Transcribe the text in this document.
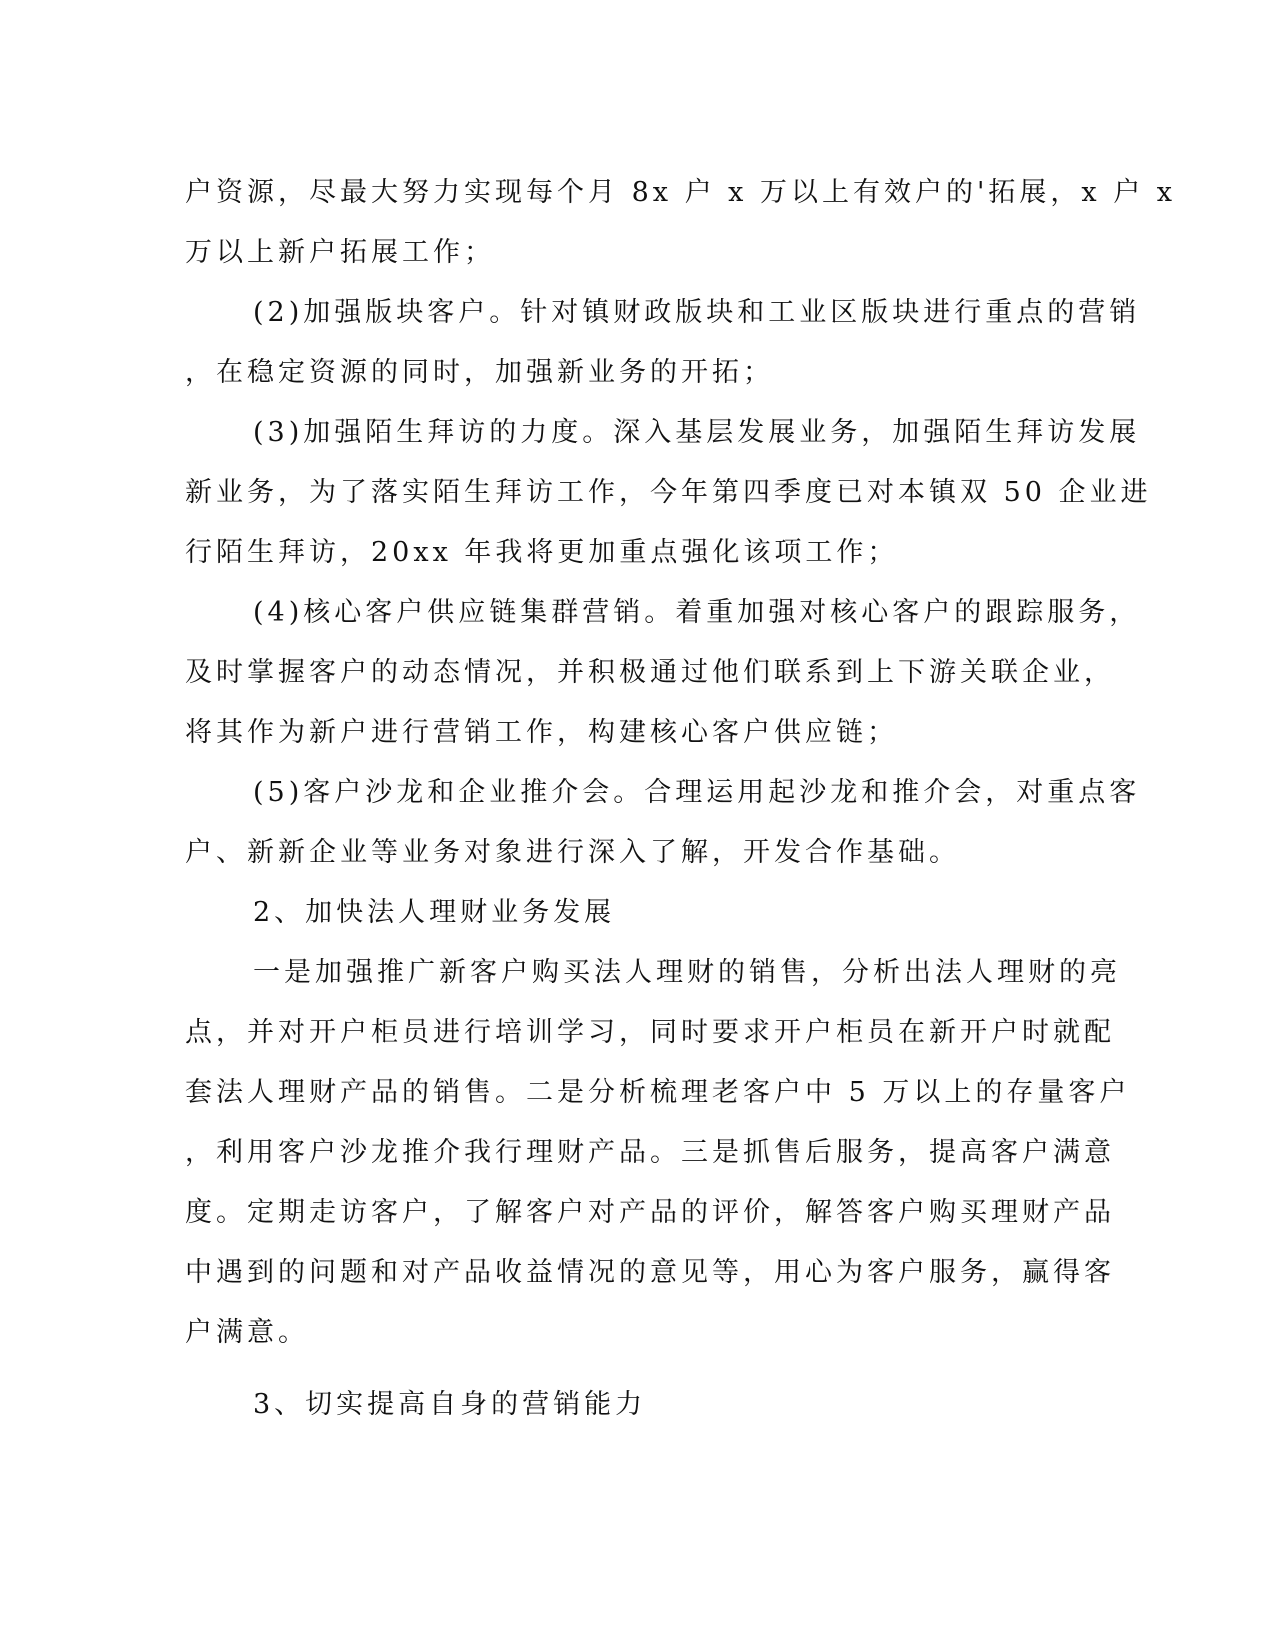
户资源，尽最大努力实现每个月 8x 户 x 万以上有效户的'拓展，x 户 x
万以上新户拓展工作；
(2)加强版块客户。针对镇财政版块和工业区版块进行重点的营销
，在稳定资源的同时，加强新业务的开拓；
(3)加强陌生拜访的力度。深入基层发展业务，加强陌生拜访发展
新业务，为了落实陌生拜访工作，今年第四季度已对本镇双 50 企业进
行陌生拜访，20xx 年我将更加重点强化该项工作；
(4)核心客户供应链集群营销。着重加强对核心客户的跟踪服务，
及时掌握客户的动态情况，并积极通过他们联系到上下游关联企业，
将其作为新户进行营销工作，构建核心客户供应链；
(5)客户沙龙和企业推介会。合理运用起沙龙和推介会，对重点客
户、新新企业等业务对象进行深入了解，开发合作基础。
2、加快法人理财业务发展
一是加强推广新客户购买法人理财的销售，分析出法人理财的亮
点，并对开户柜员进行培训学习，同时要求开户柜员在新开户时就配
套法人理财产品的销售。二是分析梳理老客户中 5 万以上的存量客户
，利用客户沙龙推介我行理财产品。三是抓售后服务，提高客户满意
度。定期走访客户，了解客户对产品的评价，解答客户购买理财产品
中遇到的问题和对产品收益情况的意见等，用心为客户服务，赢得客
户满意。
3、切实提高自身的营销能力
